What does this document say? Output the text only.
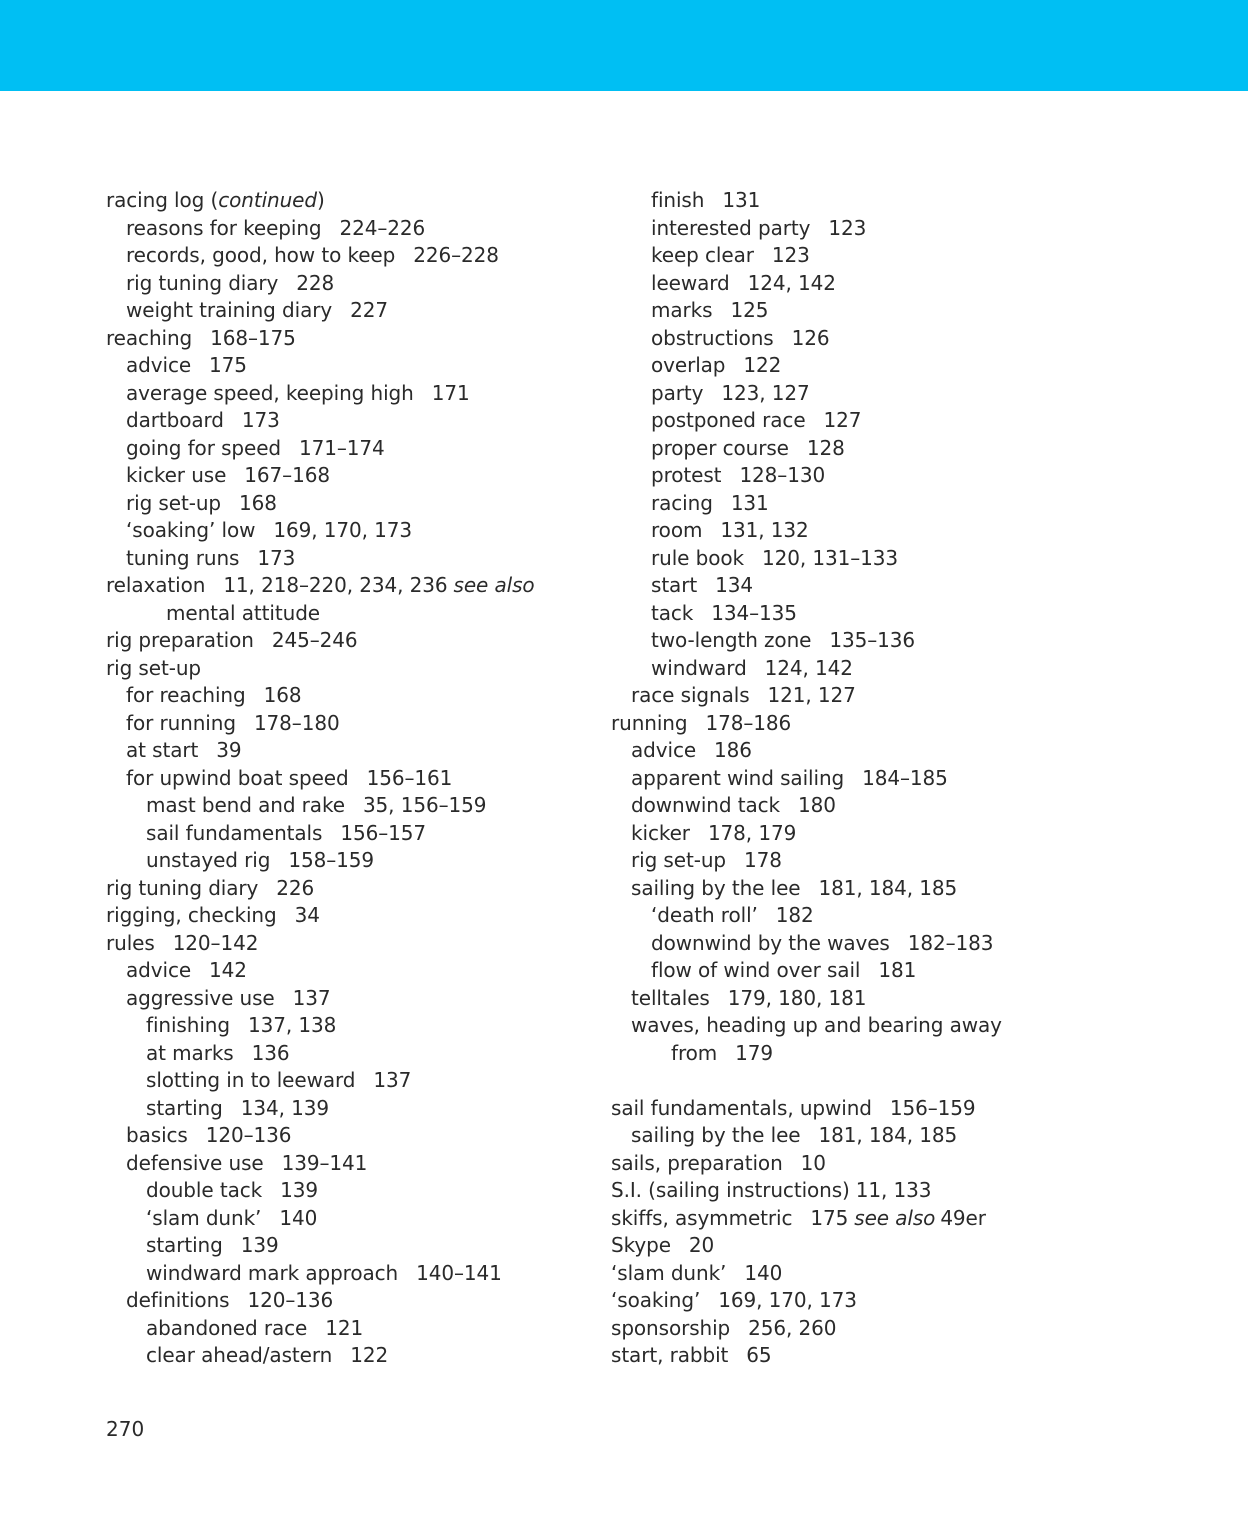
racing log (continued)
reasons for keeping 224–226
records, good, how to keep 226–228
rig tuning diary 228
weight training diary 227
reaching 168–175
advice 175
average speed, keeping high 171
dartboard 173
going for speed 171–174
kicker use 167–168
rig set-up 168
‘soaking’ low 169, 170, 173
tuning runs 173
relaxation 11, 218–220, 234, 236 see also
mental attitude
rig preparation 245–246
rig set-up
for reaching 168
for running 178–180
at start 39
for upwind boat speed 156–161
mast bend and rake 35, 156–159
sail fundamentals 156–157
unstayed rig 158–159
rig tuning diary 226
rigging, checking 34
rules 120–142
advice 142
aggressive use 137
finishing 137, 138
at marks 136
slotting in to leeward 137
starting 134, 139
basics 120–136
defensive use 139–141
double tack 139
‘slam dunk’ 140
starting 139
windward mark approach 140–141
definitions 120–136
abandoned race 121
clear ahead/astern 122
finish 131
interested party 123
keep clear 123
leeward 124, 142
marks 125
obstructions 126
overlap 122
party 123, 127
postponed race 127
proper course 128
protest 128–130
racing 131
room 131, 132
rule book 120, 131–133
start 134
tack 134–135
two-length zone 135–136
windward 124, 142
race signals 121, 127
running 178–186
advice 186
apparent wind sailing 184–185
downwind tack 180
kicker 178, 179
rig set-up 178
sailing by the lee 181, 184, 185
‘death roll’ 182
downwind by the waves 182–183
flow of wind over sail 181
telltales 179, 180, 181
waves, heading up and bearing away
from 179
sail fundamentals, upwind 156–159
sailing by the lee 181, 184, 185
sails, preparation 10
S.I. (sailing instructions) 11, 133
skiffs, asymmetric 175 see also 49er
Skype 20
‘slam dunk’ 140
‘soaking’ 169, 170, 173
sponsorship 256, 260
start, rabbit 65
270
